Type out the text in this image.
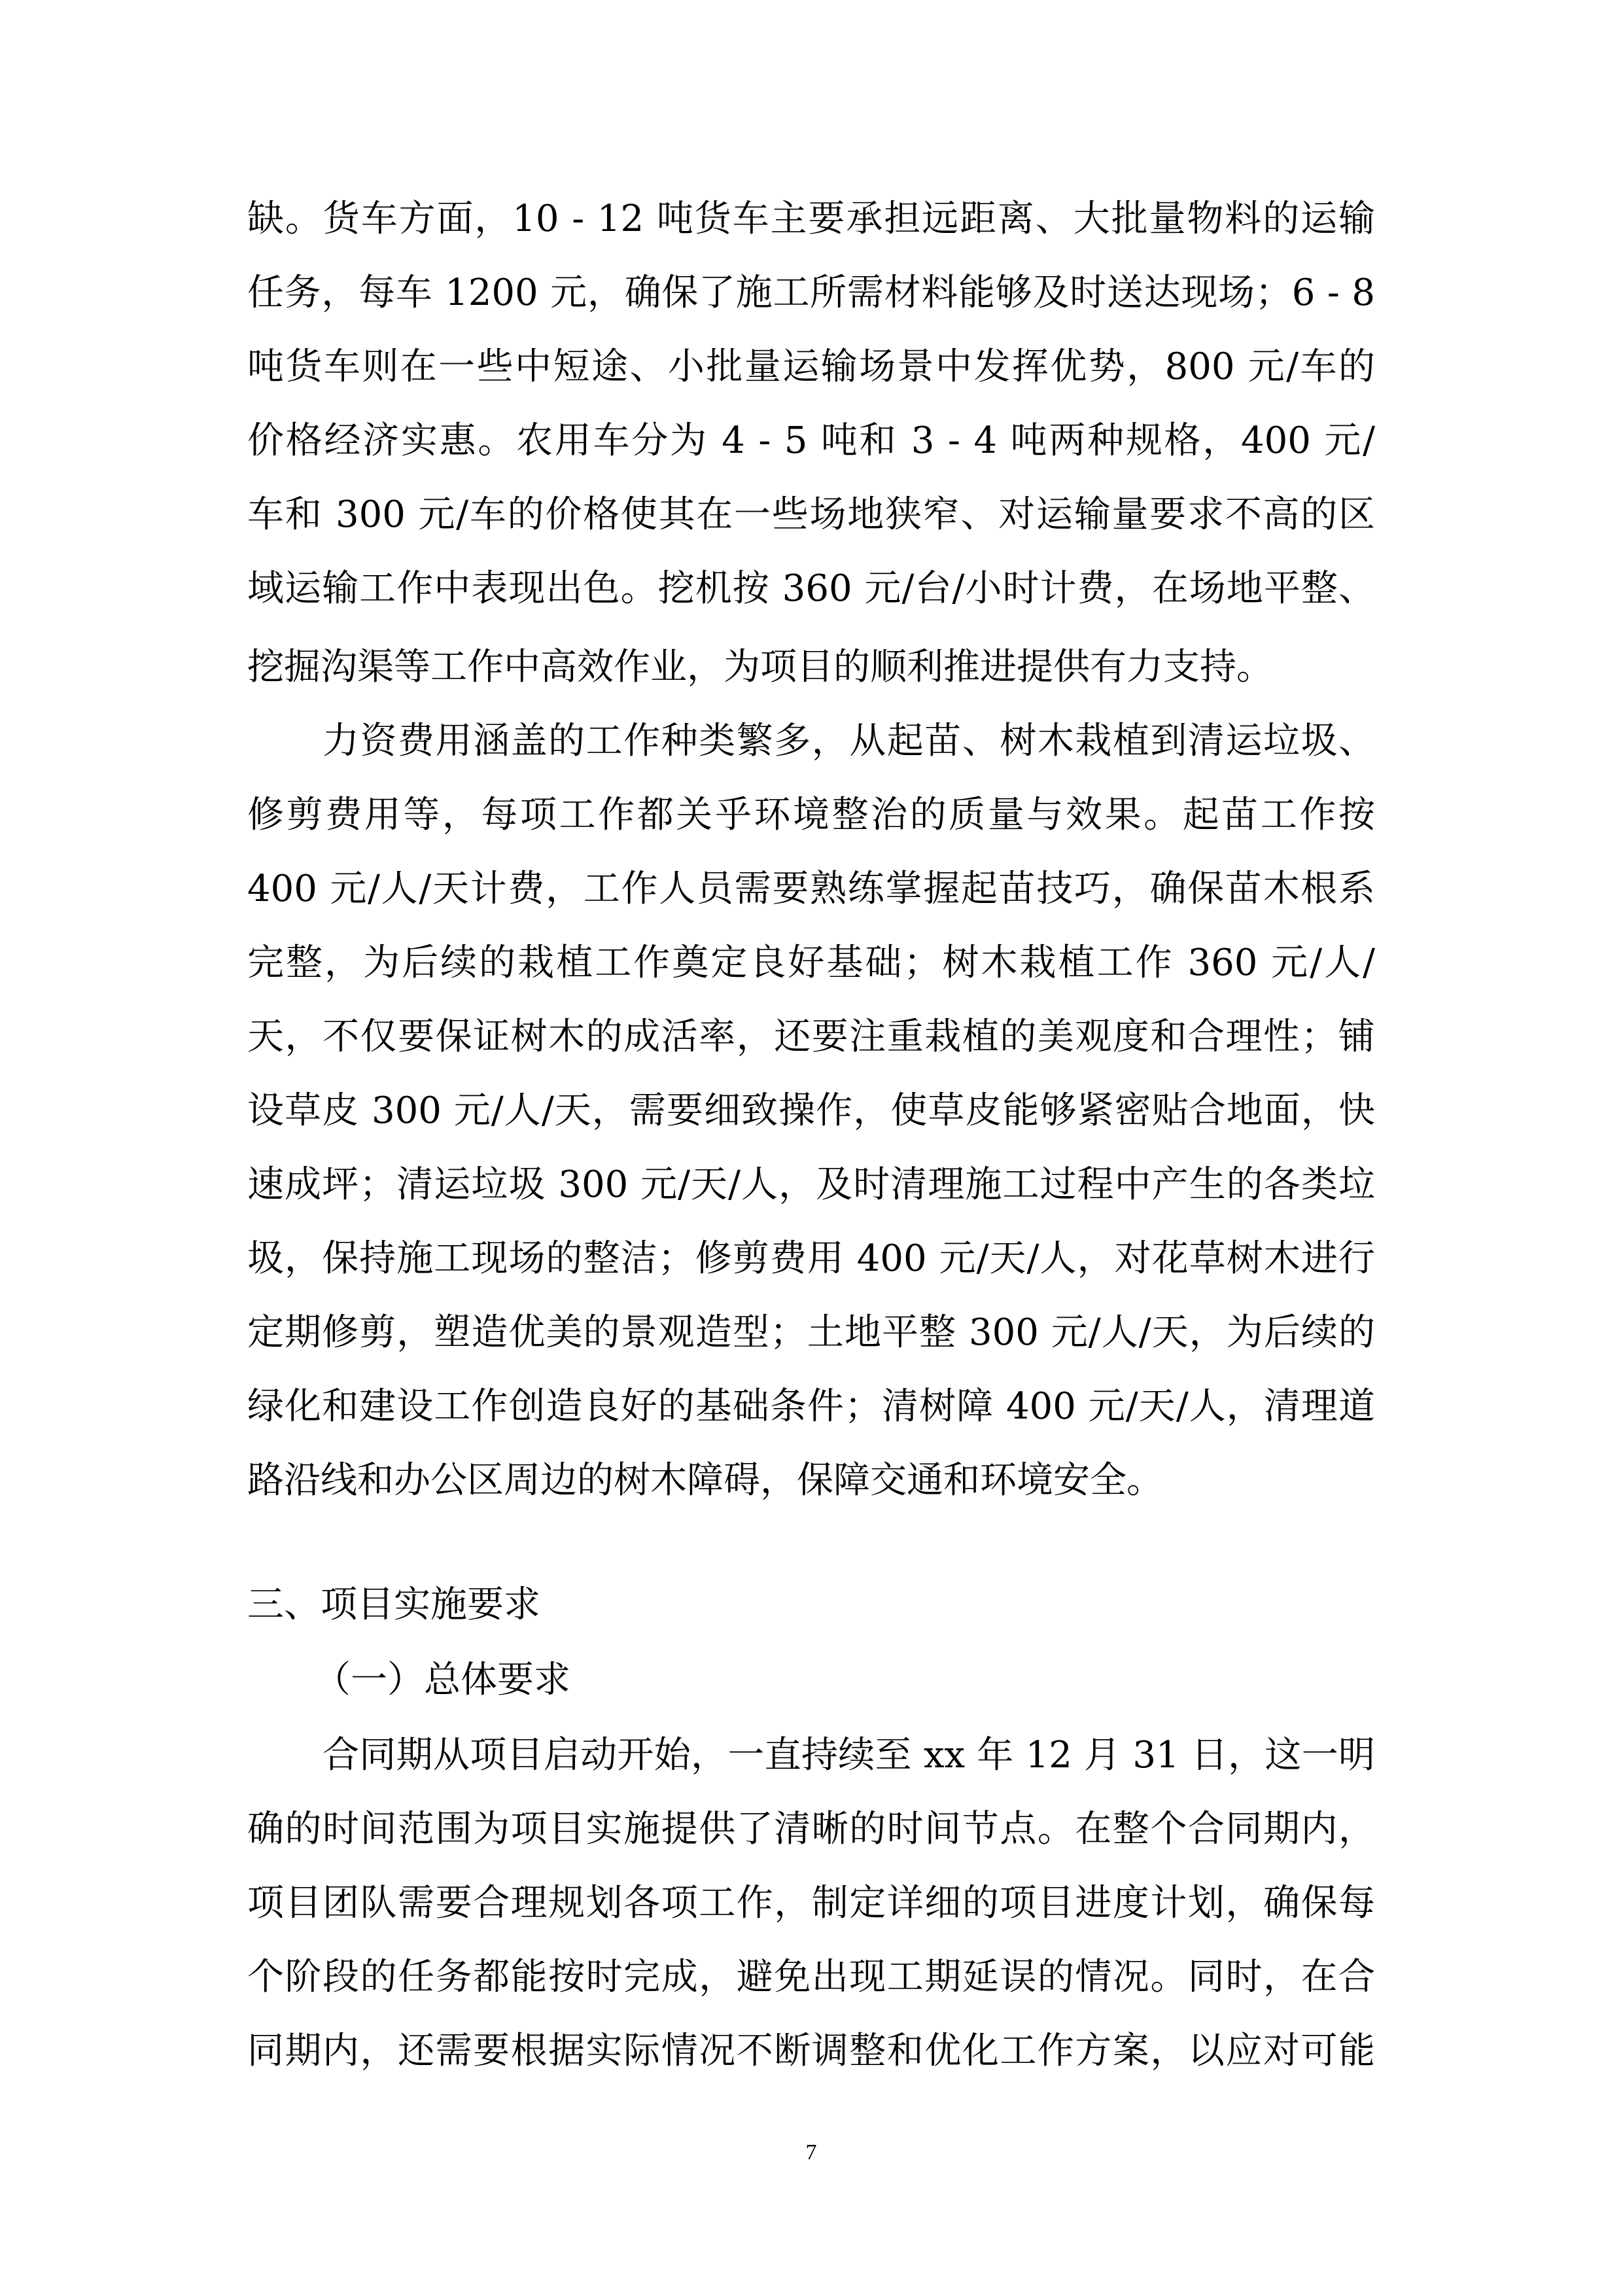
缺。货车方面，10 - 12 吨货车主要承担远距离、大批量物料的运输
任务，每车 1200 元，确保了施工所需材料能够及时送达现场；6 - 8
吨货车则在一些中短途、小批量运输场景中发挥优势，800 元/车的
价格经济实惠。农用车分为 4 - 5 吨和 3 - 4 吨两种规格，400 元/
车和 300 元/车的价格使其在一些场地狭窄、对运输量要求不高的区
域运输工作中表现出色。挖机按 360 元/台/小时计费，在场地平整、
挖掘沟渠等工作中高效作业，为项目的顺利推进提供有力支持。
力资费用涵盖的工作种类繁多，从起苗、树木栽植到清运垃圾、
修剪费用等，每项工作都关乎环境整治的质量与效果。起苗工作按
400 元/人/天计费，工作人员需要熟练掌握起苗技巧，确保苗木根系
完整，为后续的栽植工作奠定良好基础；树木栽植工作 360 元/人/
天，不仅要保证树木的成活率，还要注重栽植的美观度和合理性；铺
设草皮 300 元/人/天，需要细致操作，使草皮能够紧密贴合地面，快
速成坪；清运垃圾 300 元/天/人，及时清理施工过程中产生的各类垃
圾，保持施工现场的整洁；修剪费用 400 元/天/人，对花草树木进行
定期修剪，塑造优美的景观造型；土地平整 300 元/人/天，为后续的
绿化和建设工作创造良好的基础条件；清树障 400 元/天/人，清理道
路沿线和办公区周边的树木障碍，保障交通和环境安全。
三、项目实施要求
（一）总体要求
合同期从项目启动开始，一直持续至 xx 年 12 月 31 日，这一明
确的时间范围为项目实施提供了清晰的时间节点。在整个合同期内，
项目团队需要合理规划各项工作，制定详细的项目进度计划，确保每
个阶段的任务都能按时完成，避免出现工期延误的情况。同时，在合
同期内，还需要根据实际情况不断调整和优化工作方案，以应对可能
7
